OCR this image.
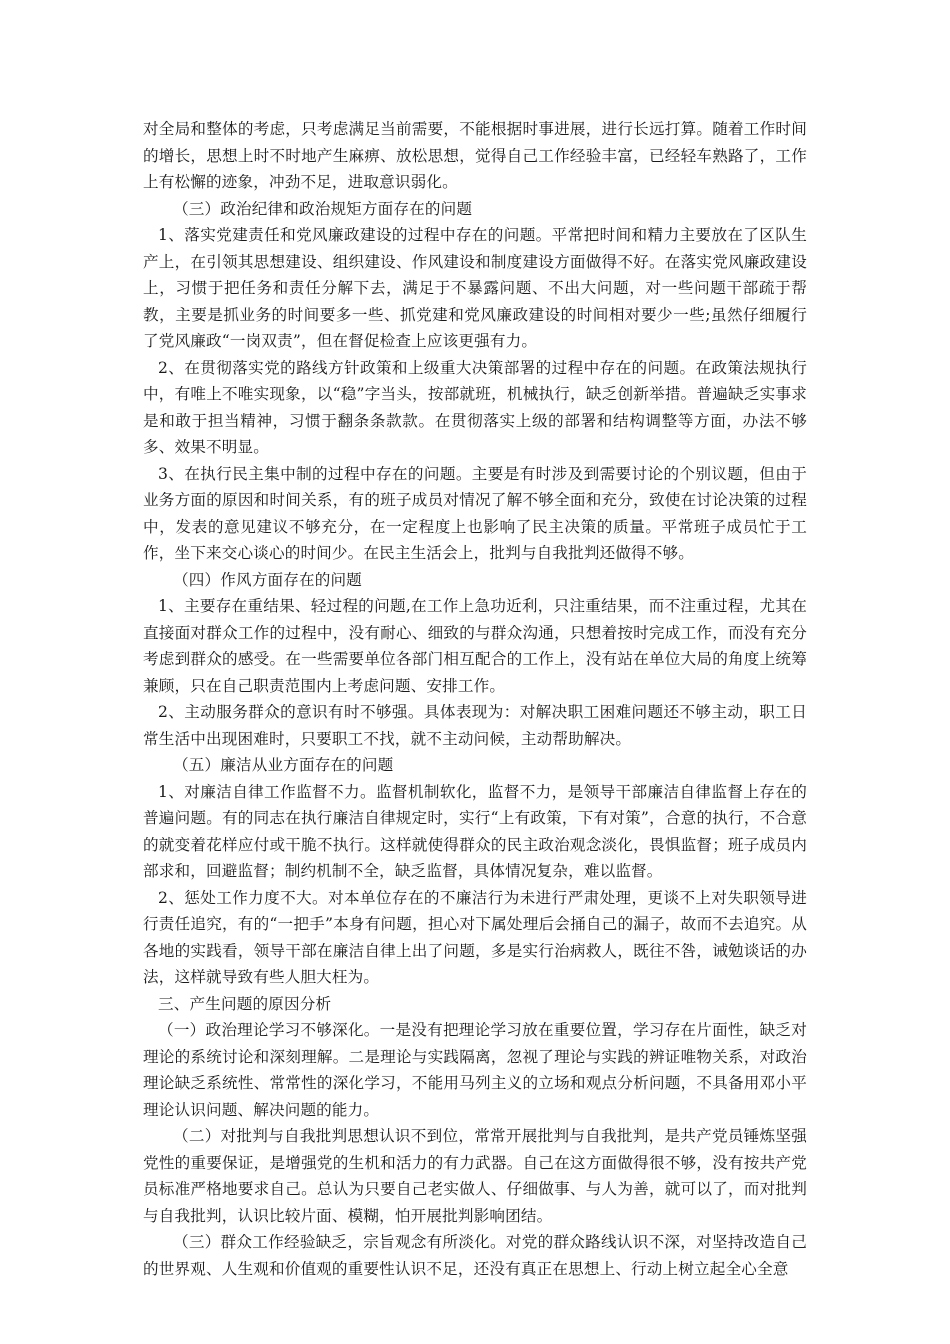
对全局和整体的考虑，只考虑满足当前需要，不能根据时事进展，进行长远打算。随着工作时间的增长，思想上时不时地产生麻痹、放松思想，觉得自己工作经验丰富，已经轻车熟路了，工作上有松懈的迹象，冲劲不足，进取意识弱化。

（三）政治纪律和政治规矩方面存在的问题

1、落实党建责任和党风廉政建设的过程中存在的问题。平常把时间和精力主要放在了区队生产上，在引领其思想建设、组织建设、作风建设和制度建设方面做得不好。在落实党风廉政建设上，习惯于把任务和责任分解下去，满足于不暴露问题、不出大问题，对一些问题干部疏于帮教，主要是抓业务的时间要多一些、抓党建和党风廉政建设的时间相对要少一些;虽然仔细履行了党风廉政“一岗双责”，但在督促检查上应该更强有力。

2、在贯彻落实党的路线方针政策和上级重大决策部署的过程中存在的问题。在政策法规执行中，有唯上不唯实现象，以“稳”字当头，按部就班，机械执行，缺乏创新举措。普遍缺乏实事求是和敢于担当精神，习惯于翻条条款款。在贯彻落实上级的部署和结构调整等方面，办法不够多、效果不明显。

3、在执行民主集中制的过程中存在的问题。主要是有时涉及到需要讨论的个别议题，但由于业务方面的原因和时间关系，有的班子成员对情况了解不够全面和充分，致使在讨论决策的过程中，发表的意见建议不够充分，在一定程度上也影响了民主决策的质量。平常班子成员忙于工作，坐下来交心谈心的时间少。在民主生活会上，批判与自我批判还做得不够。

（四）作风方面存在的问题

1、主要存在重结果、轻过程的问题,在工作上急功近利，只注重结果，而不注重过程，尤其在直接面对群众工作的过程中，没有耐心、细致的与群众沟通，只想着按时完成工作，而没有充分考虑到群众的感受。在一些需要单位各部门相互配合的工作上，没有站在单位大局的角度上统筹兼顾，只在自己职责范围内上考虑问题、安排工作。

2、主动服务群众的意识有时不够强。具体表现为：对解决职工困难问题还不够主动，职工日常生活中出现困难时，只要职工不找，就不主动问候，主动帮助解决。

（五）廉洁从业方面存在的问题

1、对廉洁自律工作监督不力。监督机制软化，监督不力，是领导干部廉洁自律监督上存在的普遍问题。有的同志在执行廉洁自律规定时，实行“上有政策，下有对策”，合意的执行，不合意的就变着花样应付或干脆不执行。这样就使得群众的民主政治观念淡化，畏惧监督；班子成员内部求和，回避监督；制约机制不全，缺乏监督，具体情况复杂，难以监督。

2、惩处工作力度不大。对本单位存在的不廉洁行为未进行严肃处理，更谈不上对失职领导进行责任追究，有的“一把手”本身有问题，担心对下属处理后会捅自己的漏子，故而不去追究。从各地的实践看，领导干部在廉洁自律上出了问题，多是实行治病救人，既往不咎，诫勉谈话的办法，这样就导致有些人胆大枉为。

三、产生问题的原因分析

（一）政治理论学习不够深化。一是没有把理论学习放在重要位置，学习存在片面性，缺乏对理论的系统讨论和深刻理解。二是理论与实践隔离，忽视了理论与实践的辨证唯物关系，对政治理论缺乏系统性、常常性的深化学习，不能用马列主义的立场和观点分析问题，不具备用邓小平理论认识问题、解决问题的能力。

（二）对批判与自我批判思想认识不到位，常常开展批判与自我批判，是共产党员锤炼坚强党性的重要保证，是增强党的生机和活力的有力武器。自己在这方面做得很不够，没有按共产党员标准严格地要求自己。总认为只要自己老实做人、仔细做事、与人为善，就可以了，而对批判与自我批判，认识比较片面、模糊，怕开展批判影响团结。

（三）群众工作经验缺乏，宗旨观念有所淡化。对党的群众路线认识不深，对坚持改造自己的世界观、人生观和价值观的重要性认识不足，还没有真正在思想上、行动上树立起全心全意
